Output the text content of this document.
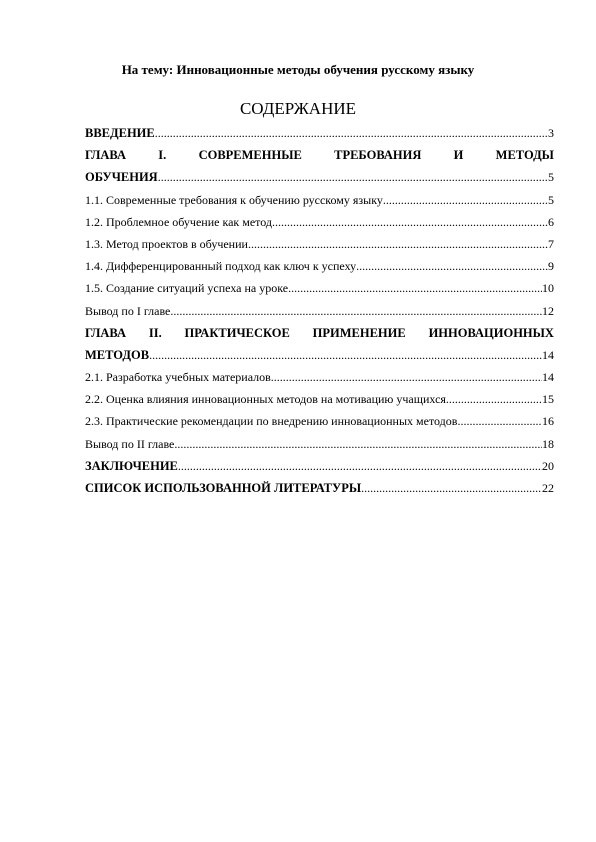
На тему: Инновационные методы обучения русскому языку
СОДЕРЖАНИЕ
ВВЕДЕНИЕ .....	3
ГЛАВА	I.	СОВРЕМЕННЫЕ	ТРЕБОВАНИЯ	И	МЕТОДЫ
ОБУЧЕНИЯ .....	5
1.1. Современные требования к обучению русскому языку .....	5
1.2. Проблемное обучение как метод .....	6
1.3. Метод проектов в обучении .....	7
1.4. Дифференцированный подход как ключ к успеху .....	9
1.5. Создание ситуаций успеха на уроке .....	10
Вывод по I главе .....	12
ГЛАВА II. ПРАКТИЧЕСКОЕ ПРИМЕНЕНИЕ ИННОВАЦИОННЫХ
МЕТОДОВ .....	14
2.1. Разработка учебных материалов .....	14
2.2. Оценка влияния инновационных методов на мотивацию учащихся .....	15
2.3. Практические рекомендации по внедрению инновационных методов .....	16
Вывод по II главе .....	18
ЗАКЛЮЧЕНИЕ .....	20
СПИСОК ИСПОЛЬЗОВАННОЙ ЛИТЕРАТУРЫ .....	22
